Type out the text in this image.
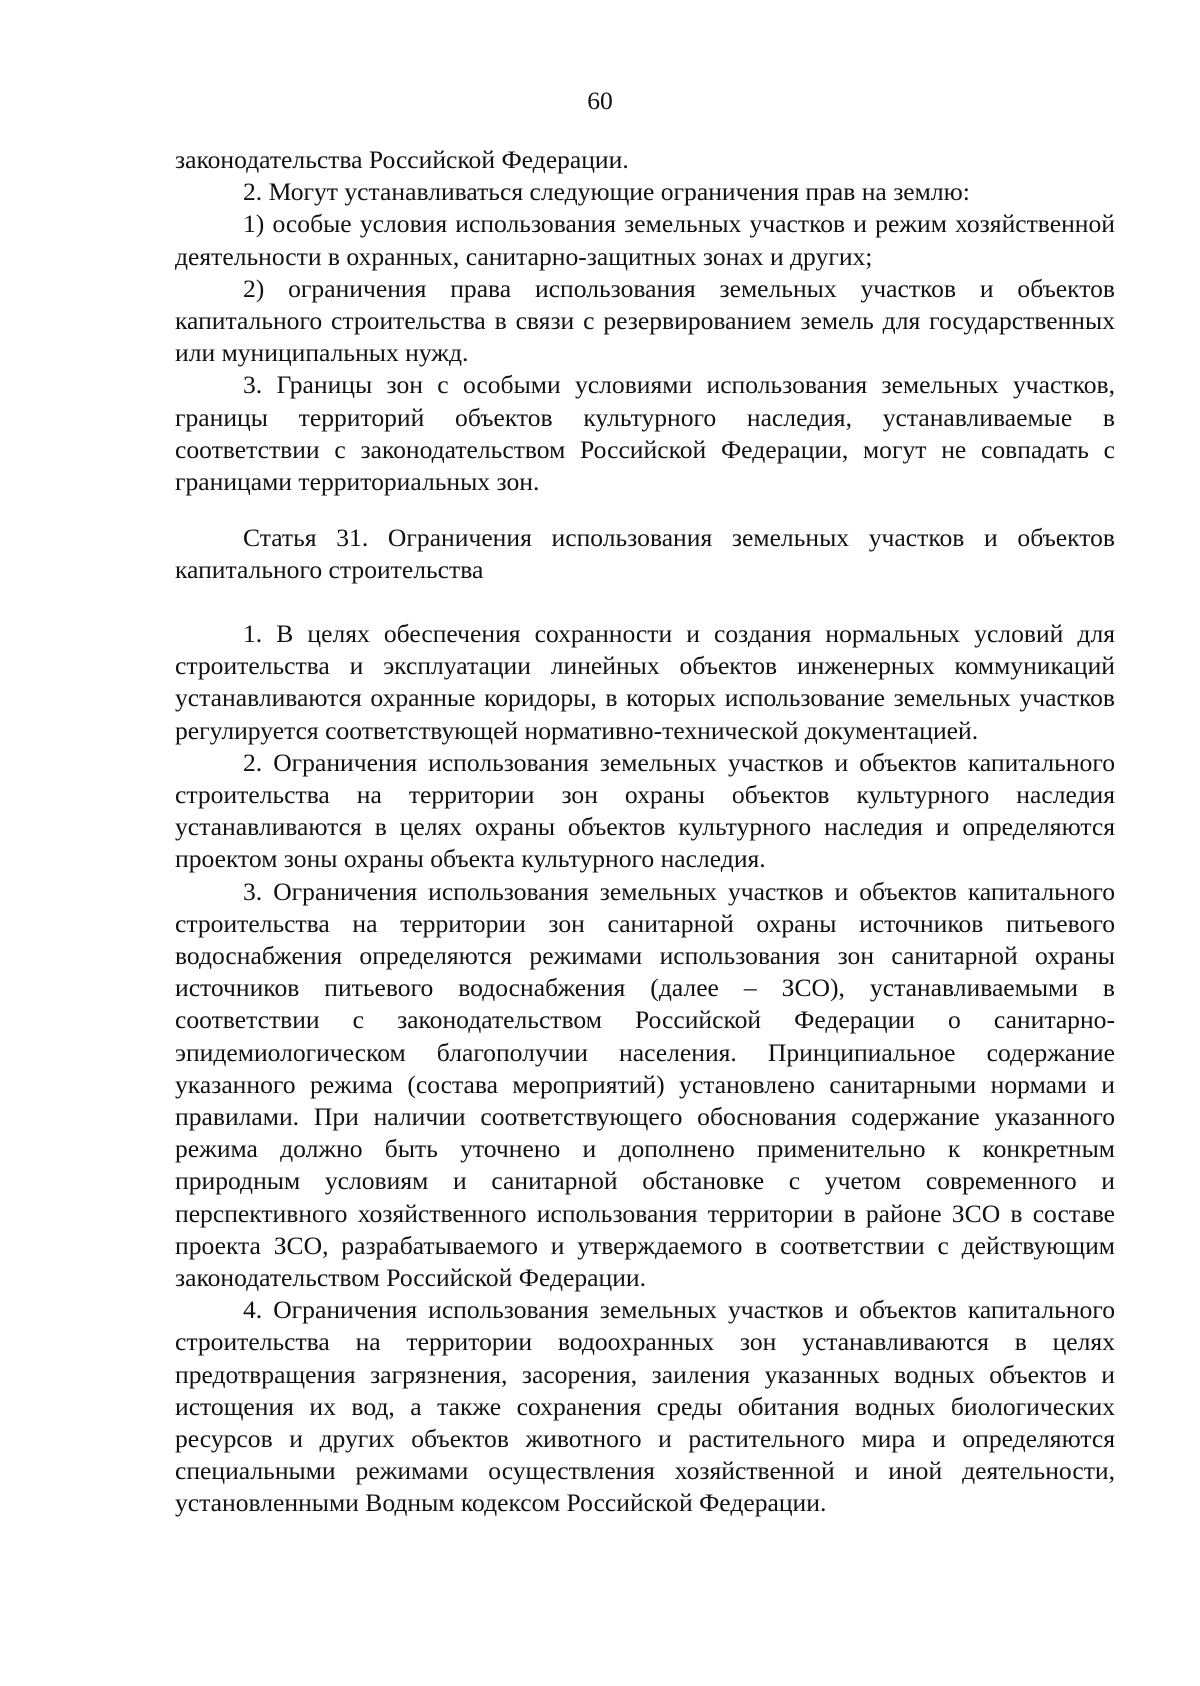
60

законодательства Российской Федерации.

2. Могут устанавливаться следующие ограничения прав на землю:

1) особые условия использования земельных участков и режим хозяйственной деятельности в охранных, санитарно-защитных зонах и других;

2) ограничения права использования земельных участков и объектов капитального строительства в связи с резервированием земель для государственных или муниципальных нужд.

3. Границы зон с особыми условиями использования земельных участков, границы территорий объектов культурного наследия, устанавливаемые в соответствии с законодательством Российской Федерации, могут не совпадать с границами территориальных зон.

Статья 31. Ограничения использования земельных участков и объектов капитального строительства

1. В целях обеспечения сохранности и создания нормальных условий для строительства и эксплуатации линейных объектов инженерных коммуникаций устанавливаются охранные коридоры, в которых использование земельных участков регулируется соответствующей нормативно-технической документацией.

2. Ограничения использования земельных участков и объектов капитального строительства на территории зон охраны объектов культурного наследия устанавливаются в целях охраны объектов культурного наследия и определяются проектом зоны охраны объекта культурного наследия.

3. Ограничения использования земельных участков и объектов капитального строительства на территории зон санитарной охраны источников питьевого водоснабжения определяются режимами использования зон санитарной охраны источников питьевого водоснабжения (далее – ЗСО), устанавливаемыми в соответствии с законодательством Российской Федерации о санитарно-эпидемиологическом благополучии населения. Принципиальное содержание указанного режима (состава мероприятий) установлено санитарными нормами и правилами. При наличии соответствующего обоснования содержание указанного режима должно быть уточнено и дополнено применительно к конкретным природным условиям и санитарной обстановке с учетом современного и перспективного хозяйственного использования территории в районе ЗСО в составе проекта ЗСО, разрабатываемого и утверждаемого в соответствии с действующим законодательством Российской Федерации.

4. Ограничения использования земельных участков и объектов капитального строительства на территории водоохранных зон устанавливаются в целях предотвращения загрязнения, засорения, заиления указанных водных объектов и истощения их вод, а также сохранения среды обитания водных биологических ресурсов и других объектов животного и растительного мира и определяются специальными режимами осуществления хозяйственной и иной деятельности, установленными Водным кодексом Российской Федерации.
